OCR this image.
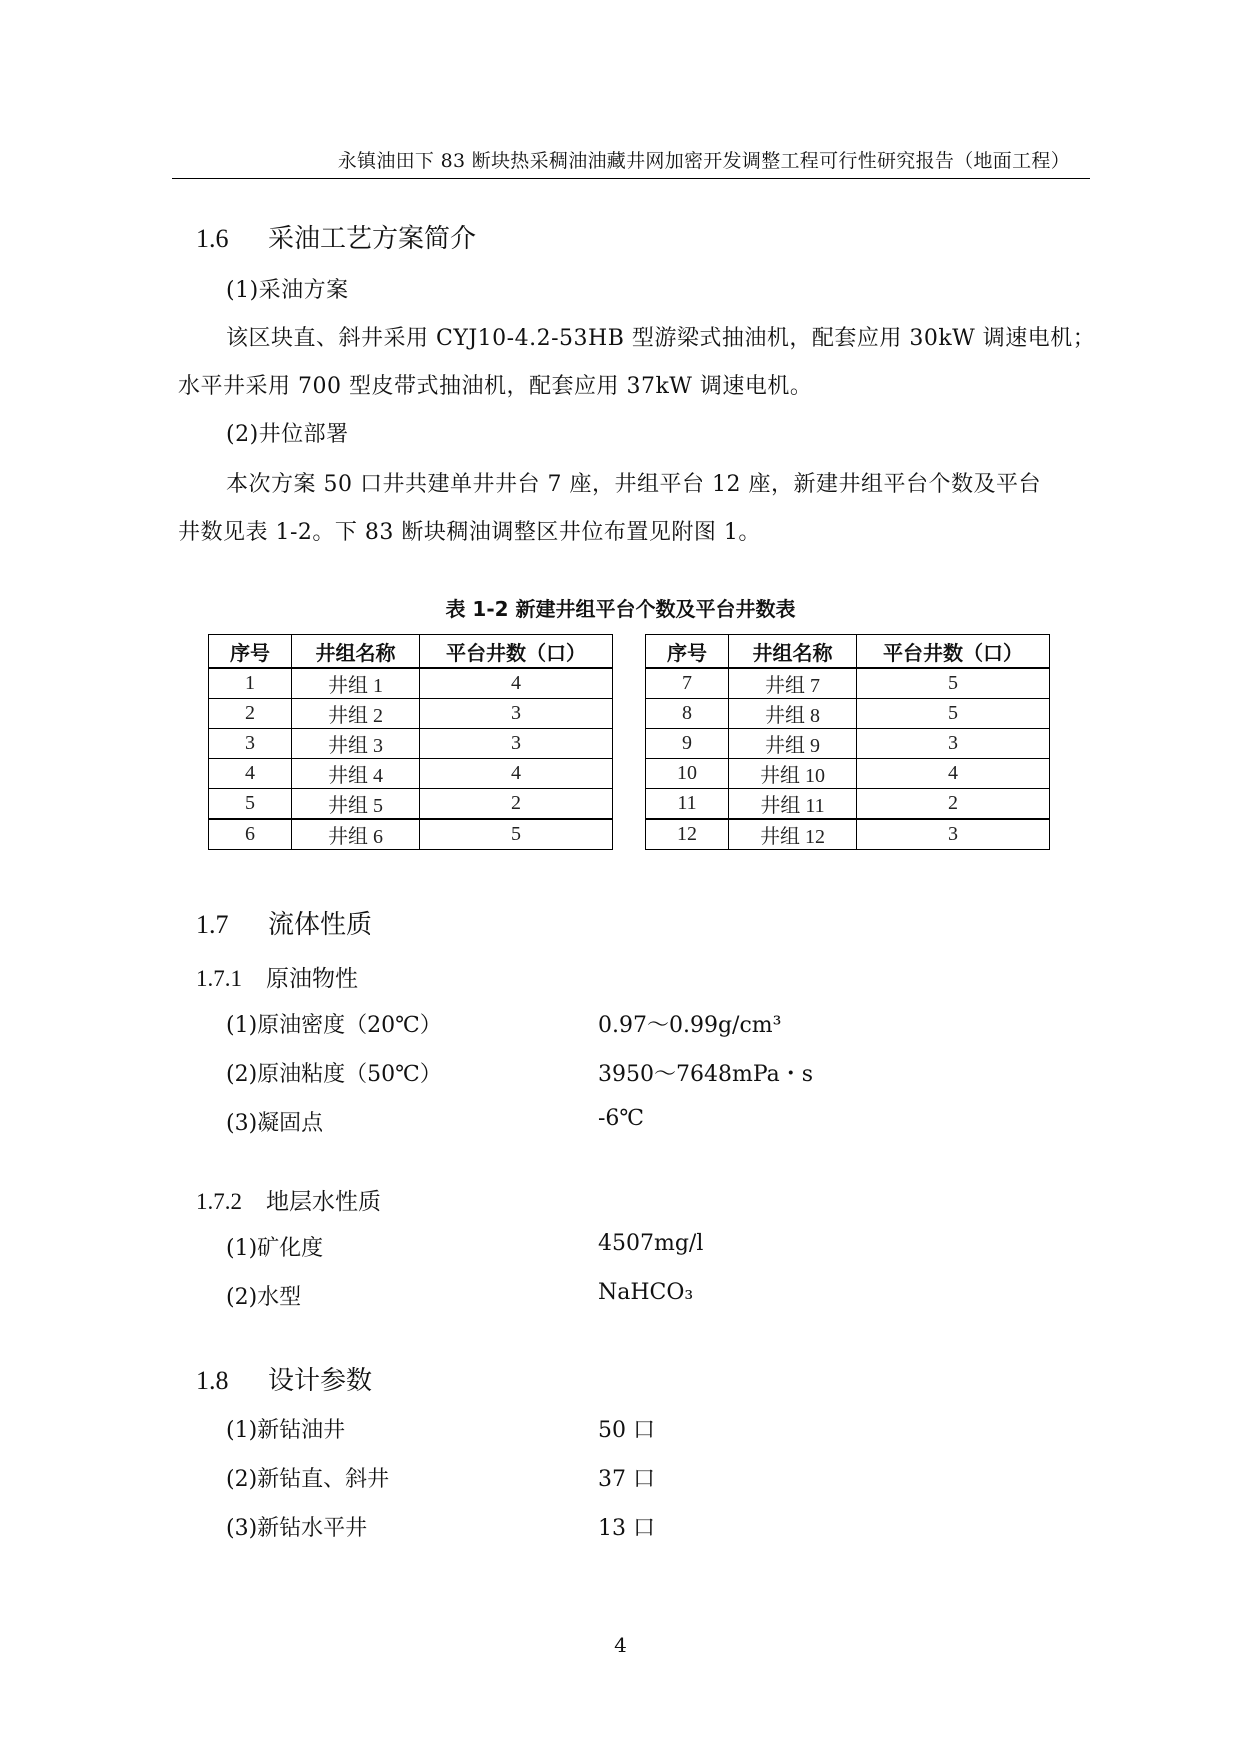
永镇油田下 83 断块热采稠油油藏井网加密开发调整工程可行性研究报告（地面工程）
1.6 采油工艺方案简介
(1)采油方案
该区块直、斜井采用 CYJ10-4.2-53HB 型游梁式抽油机，配套应用 30kW 调速电机；
水平井采用 700 型皮带式抽油机，配套应用 37kW 调速电机。
(2)井位部署
本次方案 50 口井共建单井井台 7 座，井组平台 12 座，新建井组平台个数及平台
井数见表 1-2。下 83 断块稠油调整区井位布置见附图 1。
表 1-2 新建井组平台个数及平台井数表
序号	井组名称	平台井数（口）
1	井组 1	4
2	井组 2	3
3	井组 3	3
4	井组 4	4
5	井组 5	2
6	井组 6	5
序号	井组名称	平台井数（口）
7	井组 7	5
8	井组 8	5
9	井组 9	3
10	井组 10	4
11	井组 11	2
12	井组 12	3
1.7 流体性质
1.7.1 原油物性
(1)原油密度（20℃）	0.97～0.99g/cm³
(2)原油粘度（50℃）	3950～7648mPa・s
(3)凝固点	-6℃
1.7.2 地层水性质
(1)矿化度	4507mg/l
(2)水型	NaHCO₃
1.8 设计参数
(1)新钻油井	50 口
(2)新钻直、斜井	37 口
(3)新钻水平井	13 口
4
